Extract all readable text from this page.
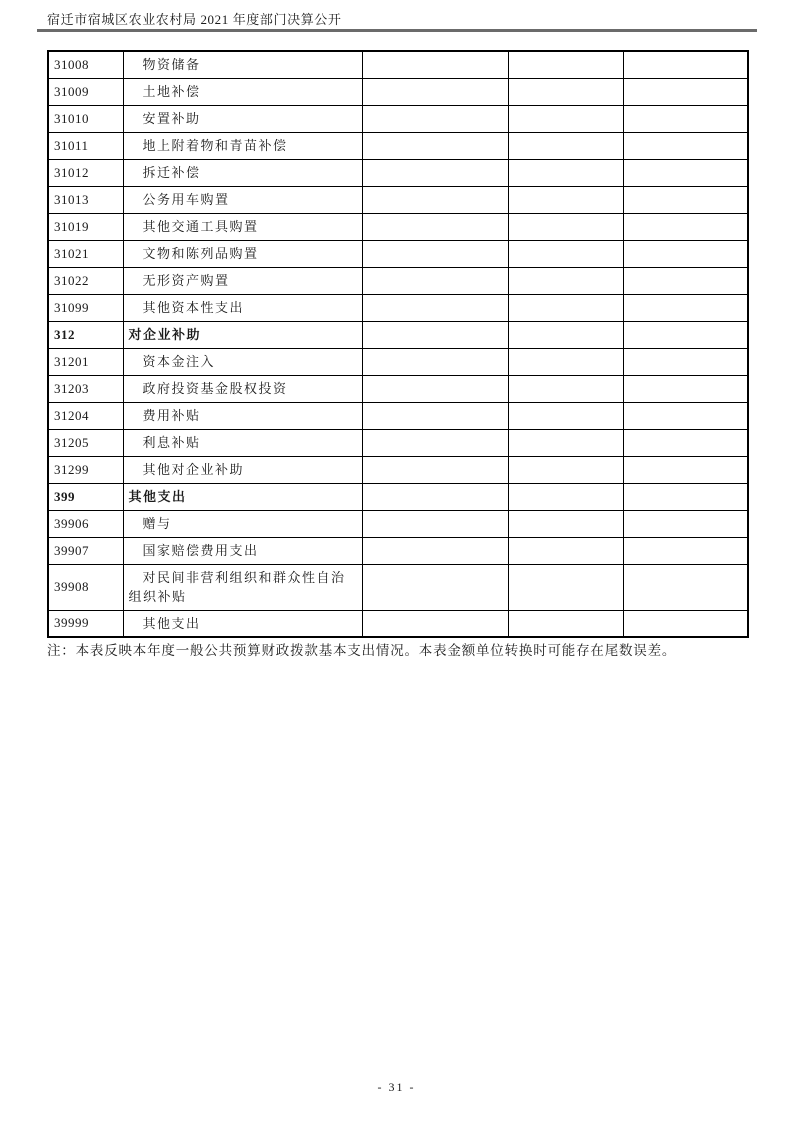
宿迁市宿城区农业农村局 2021 年度部门决算公开
31008	物资储备			
31009	土地补偿			
31010	安置补助			
31011	地上附着物和青苗补偿			
31012	拆迁补偿			
31013	公务用车购置			
31019	其他交通工具购置			
31021	文物和陈列品购置			
31022	无形资产购置			
31099	其他资本性支出			
312	对企业补助			
31201	资本金注入			
31203	政府投资基金股权投资			
31204	费用补贴			
31205	利息补贴			
31299	其他对企业补助			
399	其他支出			
39906	赠与			
39907	国家赔偿费用支出			
39908	对民间非营利组织和群众性自治组织补贴			
39999	其他支出			
注：本表反映本年度一般公共预算财政拨款基本支出情况。本表金额单位转换时可能存在尾数误差。
- 31 -
